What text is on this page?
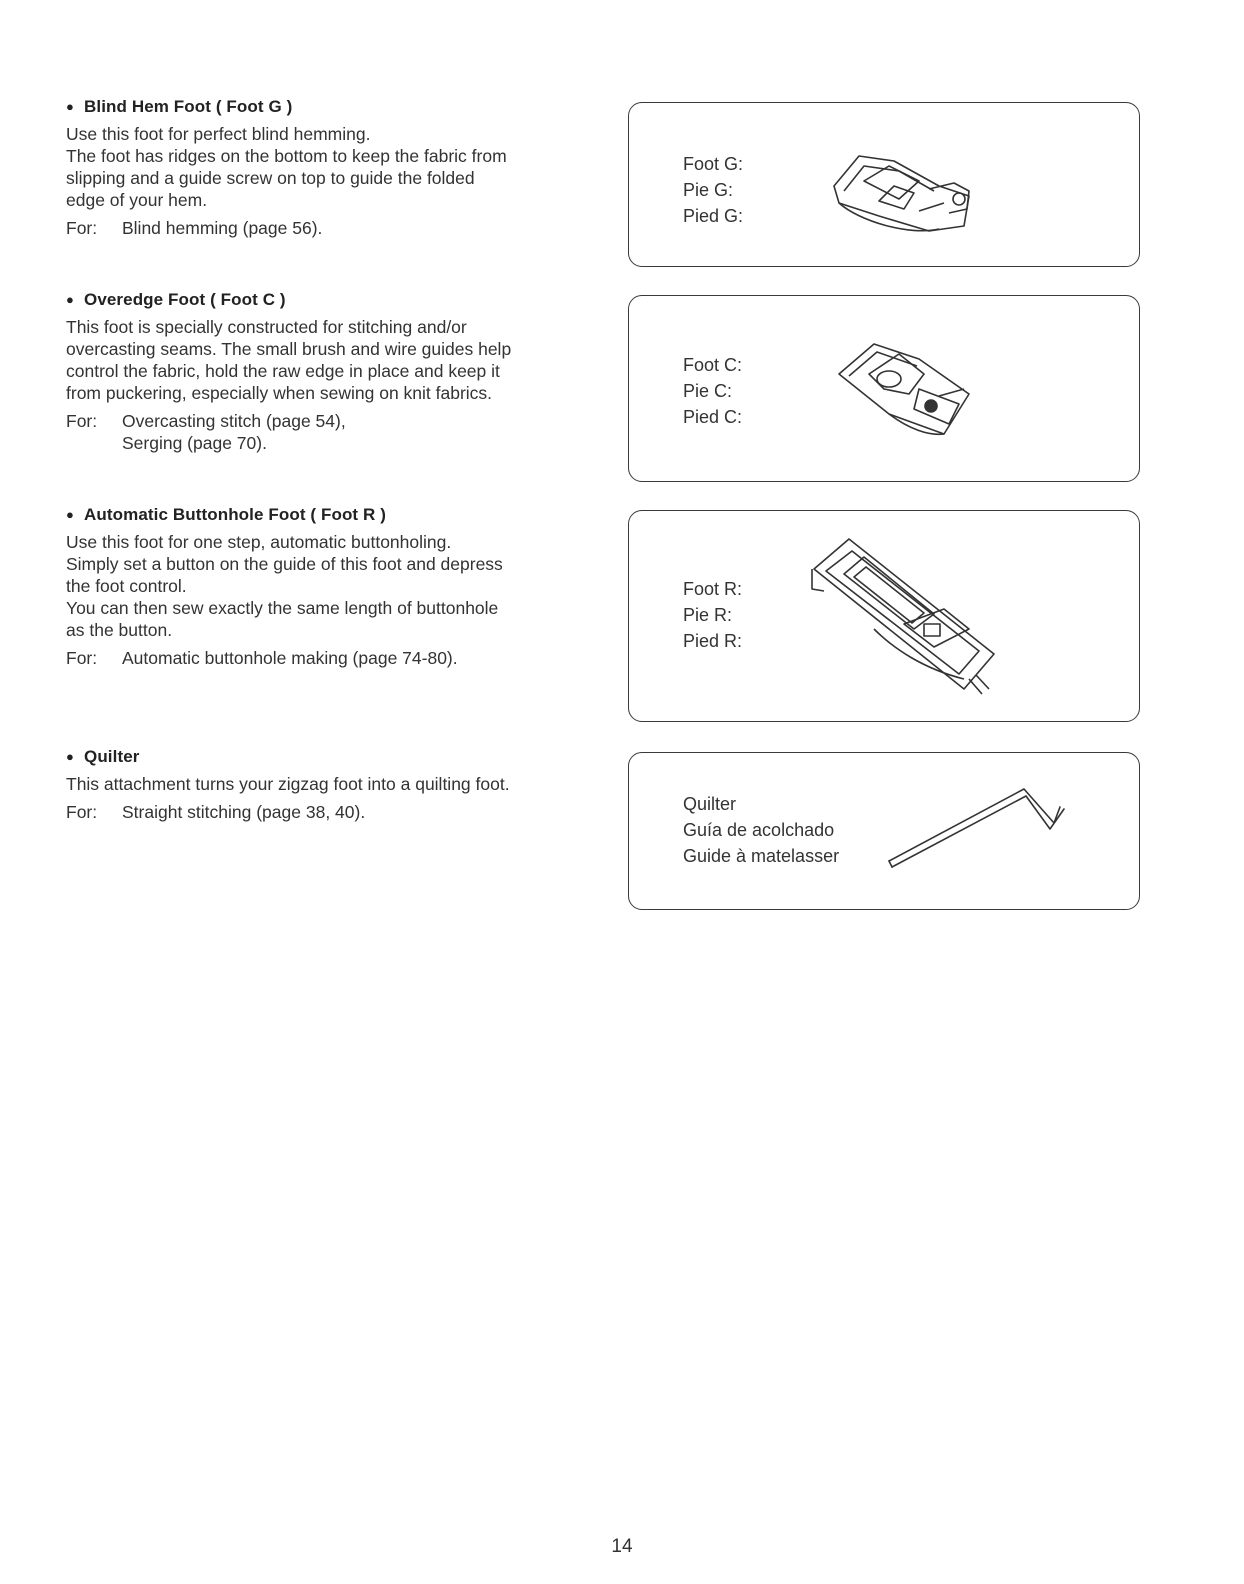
● Blind Hem Foot ( Foot G )

Use this foot for perfect blind hemming.

The foot has ridges on the bottom to keep the fabric from

slipping and a guide screw on top to guide the folded

edge of your hem.

For:	Blind hemming (page 56).
Foot G:
Pie G:
Pied G:
● Overedge Foot ( Foot C )

This foot is specially constructed for stitching and/or

overcasting seams. The small brush and wire guides help

control the fabric, hold the raw edge in place and keep it

from puckering, especially when sewing on knit fabrics.

For:	Overcasting stitch (page 54),
Serging (page 70).
Foot C:
Pie C:
Pied C:
● Automatic Buttonhole Foot ( Foot R )

Use this foot for one step, automatic buttonholing.

Simply set a button on the guide of this foot and depress

the foot control.

You can then sew exactly the same length of buttonhole

as the button.

For:	Automatic buttonhole making (page 74-80).
Foot R:
Pie R:
Pied R:
● Quilter

This attachment turns your zigzag foot into a quilting foot.

For:	Straight stitching (page 38, 40).	Quilter
Guía de acolchado
Guide à matelasser
14
